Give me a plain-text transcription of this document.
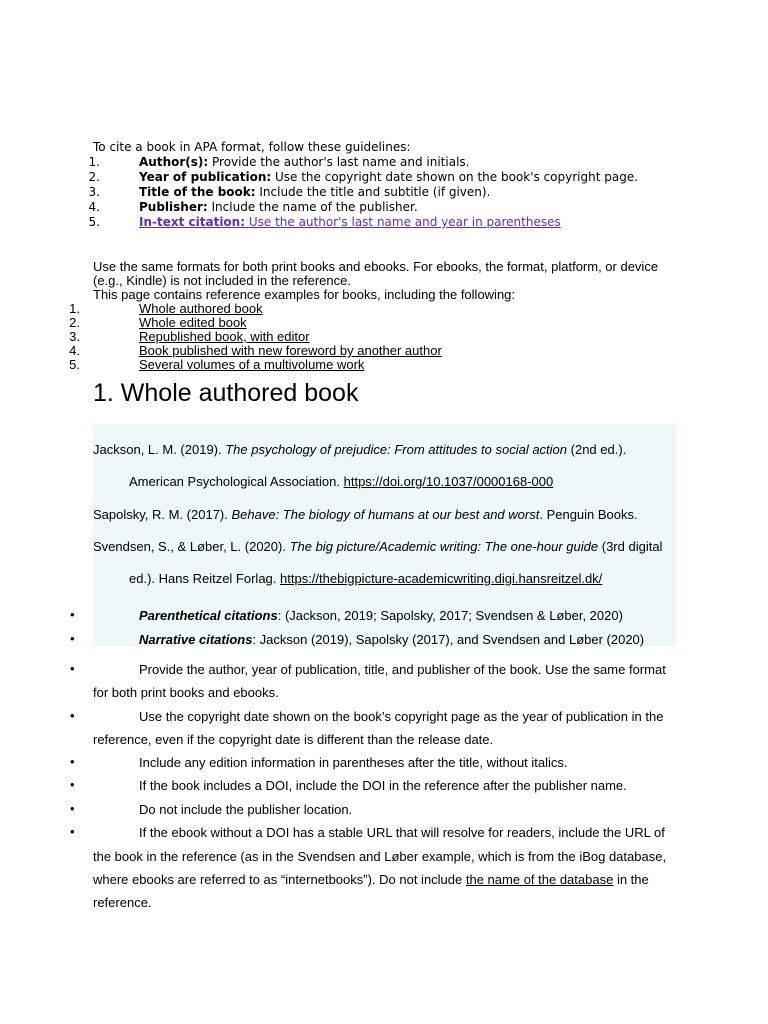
To cite a book in APA format, follow these guidelines:
1.	Author(s): Provide the author's last name and initials.
2.	Year of publication: Use the copyright date shown on the book's copyright page.
3.	Title of the book: Include the title and subtitle (if given).
4.	Publisher: Include the name of the publisher.
5.	In-text citation: Use the author's last name and year in parentheses
Use the same formats for both print books and ebooks. For ebooks, the format, platform, or device
(e.g., Kindle) is not included in the reference.
This page contains reference examples for books, including the following:
1.	Whole authored book
2.	Whole edited book
3.	Republished book, with editor
4.	Book published with new foreword by another author
5.	Several volumes of a multivolume work
1. Whole authored book
Jackson, L. M. (2019). The psychology of prejudice: From attitudes to social action (2nd ed.).
American Psychological Association. https://doi.org/10.1037/0000168-000
Sapolsky, R. M. (2017). Behave: The biology of humans at our best and worst. Penguin Books.
Svendsen, S., & Løber, L. (2020). The big picture/Academic writing: The one-hour guide (3rd digital
ed.). Hans Reitzel Forlag. https://thebigpicture-academicwriting.digi.hansreitzel.dk/
•	Parenthetical citations: (Jackson, 2019; Sapolsky, 2017; Svendsen & Løber, 2020)
•	Narrative citations: Jackson (2019), Sapolsky (2017), and Svendsen and Løber (2020)
•	Provide the author, year of publication, title, and publisher of the book. Use the same format
for both print books and ebooks.
•	Use the copyright date shown on the book’s copyright page as the year of publication in the
reference, even if the copyright date is different than the release date.
•	Include any edition information in parentheses after the title, without italics.
•	If the book includes a DOI, include the DOI in the reference after the publisher name.
•	Do not include the publisher location.
•	If the ebook without a DOI has a stable URL that will resolve for readers, include the URL of
the book in the reference (as in the Svendsen and Løber example, which is from the iBog database,
where ebooks are referred to as “internetbooks”). Do not include the name of the database in the
reference.
